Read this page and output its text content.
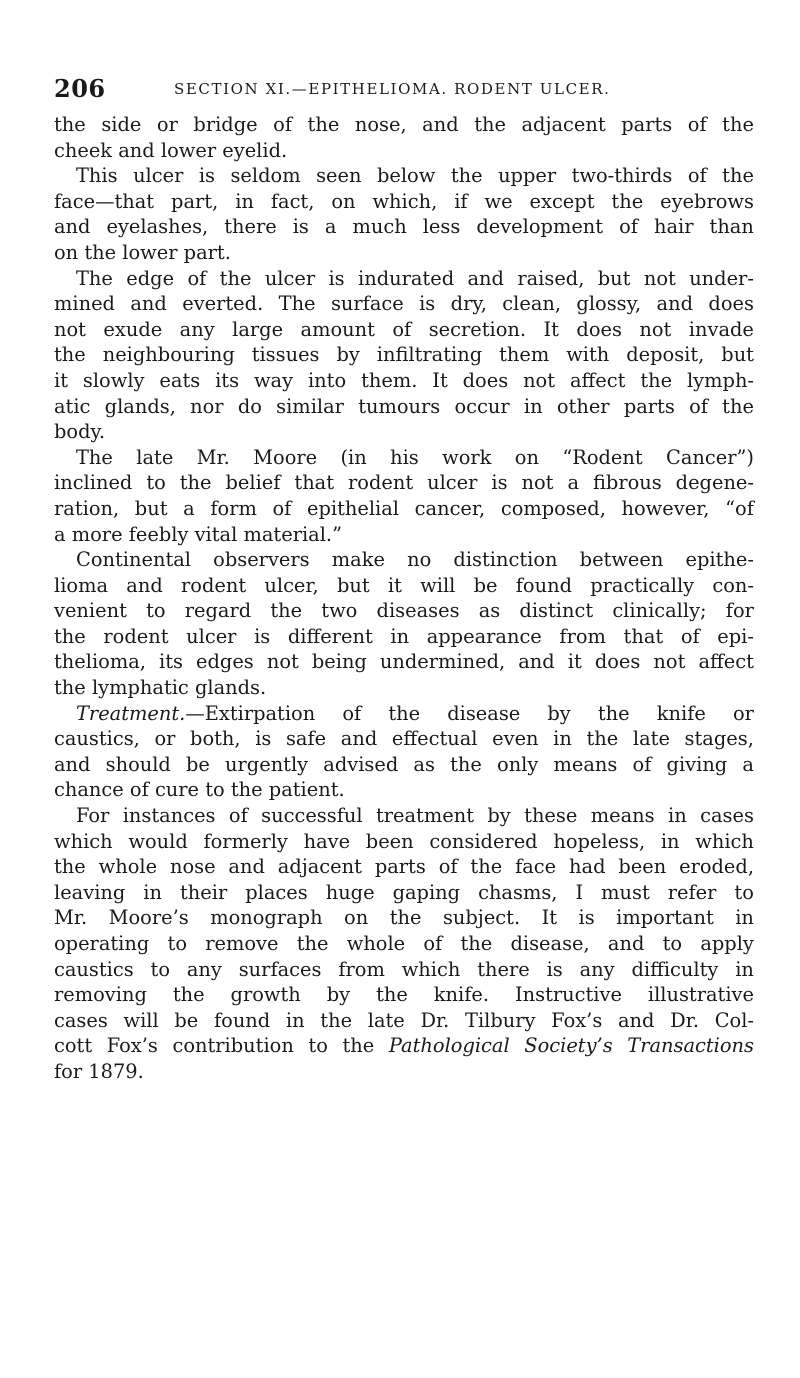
206	SECTION XI.—EPITHELIOMA. RODENT ULCER.
the side or bridge of the nose, and the adjacent parts of the
cheek
and
lower
eyelid.
This ulcer is seldom seen below the upper two-thirds of the
face—that part, in fact, on which, if we except the eyebrows
and eyelashes, there is a much less development of hair than
on
the
lower
part.
The edge of the ulcer is indurated and raised, but not under-
mined and everted. The surface is dry, clean, glossy, and does
not exude any large amount of secretion. It does not invade
the neighbouring tissues by infiltrating them with deposit, but
it slowly eats its way into them. It does not affect the lymph-
atic glands, nor do similar tumours occur in other parts of the
body.
The late Mr. Moore (in his work on “Rodent Cancer”)
inclined to the belief that rodent ulcer is not a fibrous degene-
ration, but a form of epithelial cancer, composed, however, “of
a
more
feebly
vital
material.”
Continental observers make no distinction between epithe-
lioma and rodent ulcer, but it will be found practically con-
venient to regard the two diseases as distinct clinically; for
the rodent ulcer is different in appearance from that of epi-
thelioma, its edges not being undermined, and it does not affect
the
lymphatic
glands.
Treatment.—Extirpation of the disease by the knife or
caustics, or both, is safe and effectual even in the late stages,
and should be urgently advised as the only means of giving a
chance
of
cure
to
the
patient.
For instances of successful treatment by these means in cases
which would formerly have been considered hopeless, in which
the whole nose and adjacent parts of the face had been eroded,
leaving in their places huge gaping chasms, I must refer to
Mr. Moore’s monograph on the subject. It is important in
operating to remove the whole of the disease, and to apply
caustics to any surfaces from which there is any difficulty in
removing the growth by the knife. Instructive illustrative
cases will be found in the late Dr. Tilbury Fox’s and Dr. Col-
cott Fox’s contribution to the Pathological Society’s Transactions
for
1879.
